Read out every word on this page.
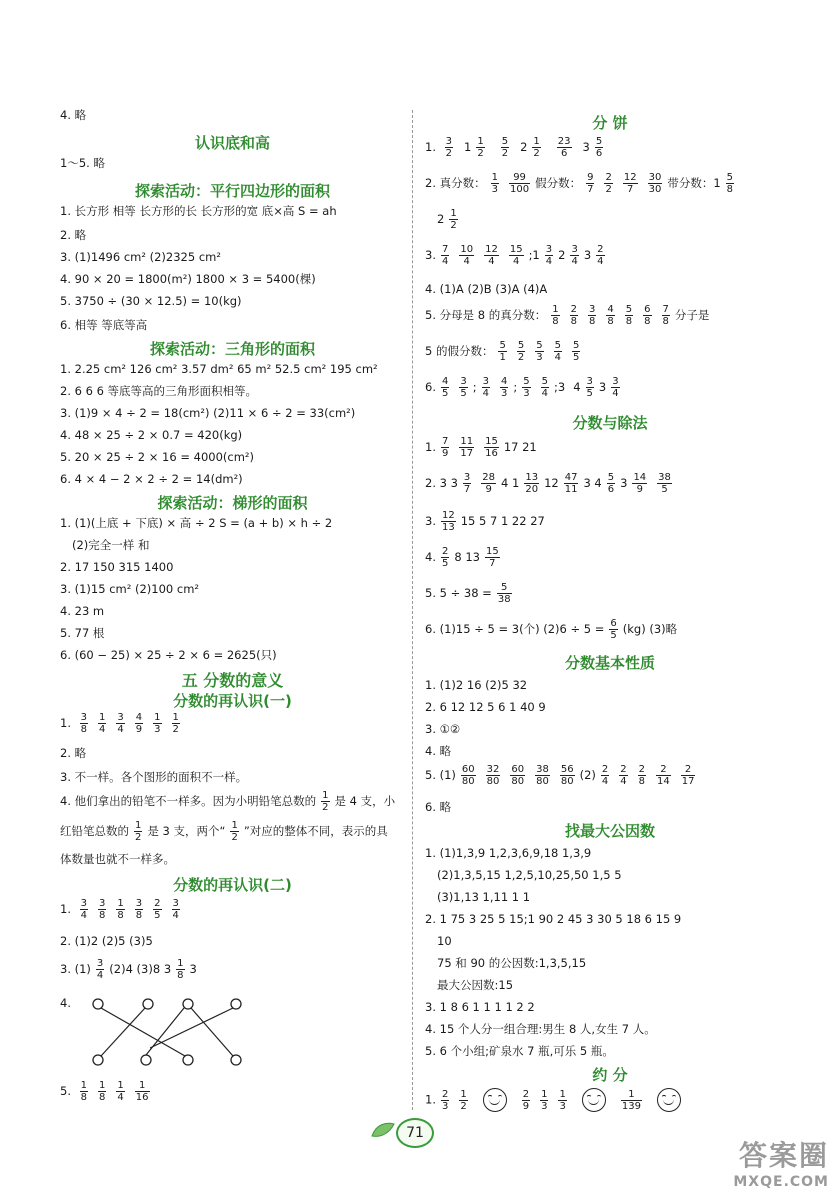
4. 略

认识底和高

1～5. 略

探索活动：平行四边形的面积

1. 长方形 相等 长方形的长 长方形的宽 底×高 S = ah

2. 略

3. (1)1496 cm² (2)2325 cm²

4. 90 × 20 = 1800(m²) 1800 × 3 = 5400(棵)

5. 3750 ÷ (30 × 12.5) = 10(kg)

6. 相等 等底等高

探索活动：三角形的面积

1. 2.25 cm² 126 cm² 3.57 dm² 65 m² 52.5 cm² 195 cm²

2. 6 6 6 等底等高的三角形面积相等。

3. (1)9 × 4 ÷ 2 = 18(cm²) (2)11 × 6 ÷ 2 = 33(cm²)

4. 48 × 25 ÷ 2 × 0.7 = 420(kg)

5. 20 × 25 ÷ 2 × 16 = 4000(cm²)

6. 4 × 4 − 2 × 2 ÷ 2 = 14(dm²)

探索活动：梯形的面积

1. (1)(上底 + 下底) × 高 ÷ 2 S = (a + b) × h ÷ 2

(2)完全一样 和

2. 17 150 315 1400

3. (1)15 cm² (2)100 cm²

4. 23 m

5. 77 根

6. (60 − 25) × 25 ÷ 2 × 6 = 2625(只)

五 分数的意义
分数的再认识(一)
1. $\frac{3}{8} \frac{1}{4} \frac{3}{4} \frac{4}{9} \frac{1}{3} \frac{1}{2}$

2. 略

3. 不一样。各个图形的面积不一样。

4. 他们拿出的铅笔不一样多。因为小明铅笔总数的 $\frac{1}{2}$ 是 4 支，小
红铅笔总数的 $\frac{1}{2}$ 是 3 支，两个“ $\frac{1}{2}$ ”对应的整体不同，表示的具

体数量也就不一样多。

分数的再认识(二)
1. $\frac{3}{4} \frac{3}{8} \frac{1}{8} \frac{3}{8} \frac{2}{5} \frac{3}{4}$

2. (1)2 (2)5 (3)5

3. $(1) \frac{3}{4} (2)4$ (3)8 $3 \frac{1}{8} 3$

4.

5. $\frac{1}{8} \frac{1}{8} \frac{1}{4} \frac{1}{16}$
分 饼
1. $\frac{3}{2} 1 \frac{1}{2} \frac{5}{2} 2 \frac{1}{2} \frac{23}{6} 3 \frac{5}{6}$
2. 真分数： $\frac{1}{3} \frac{99}{100}$ 假分数： $\frac{9}{7} \frac{2}{2} \frac{12}{7} \frac{30}{30}$ 带分数：$1 \frac{5}{8}$
$2 \frac{1}{2}$
3. $\frac{7}{4} \frac{10}{4} \frac{12}{4} \frac{15}{4}$ ;1 $\frac{3}{4} 2 \frac{3}{4} 3 \frac{2}{4}$

4. (1)A (2)B (3)A (4)A

5. 分母是 8 的真分数： $\frac{1}{8} \frac{2}{8} \frac{3}{8} \frac{4}{8} \frac{5}{8} \frac{6}{8} \frac{7}{8}$ 分子是
5 的假分数： $\frac{5}{1} \frac{5}{2} \frac{5}{3} \frac{5}{4} \frac{5}{5}$
6. $\frac{4}{5} \frac{3}{5}$ ; $\frac{3}{4} \frac{4}{3}$ ; $\frac{5}{3} \frac{5}{4}$ ;3 $4 \frac{3}{5} 3 \frac{3}{4}$
分数与除法
1. $\frac{7}{9} \frac{11}{17} \frac{15}{16} 17$ 21
2. 3 $3 \frac{3}{7} \frac{28}{9} 4$ $1 \frac{13}{20} 12 \frac{47}{11} 3$ $4 \frac{5}{6} 3 \frac{14}{9} \frac{38}{5}$
3. $\frac{12}{13} 15$ 5 7 1 22 27
4. $\frac{2}{5} 8$ $13 \frac{15}{7}$
5. $5 \div 38 = \frac{5}{38}$
6. (1)15 ÷ 5 = 3(个) $(2)6 \div 5 = \frac{6}{5} (kg)$ (3)略
分数基本性质

1. (1)2 16 (2)5 32

2. 6 12 12 5 6 1 40 9

3. ①②

4. 略

5. $(1) \frac{60}{80} \frac{32}{80} \frac{60}{80} \frac{38}{80} \frac{56}{80} (2) \frac{2}{4} \frac{2}{4} \frac{2}{8} \frac{2}{14} \frac{2}{17}$

6. 略

找最大公因数

1. (1)1,3,9 1,2,3,6,9,18 1,3,9

(2)1,3,5,15 1,2,5,10,25,50 1,5 5

(3)1,13 1,11 1 1

2. 1 75 3 25 5 15;1 90 2 45 3 30 5 18 6 15 9

10

75 和 90 的公因数:1,3,5,15

最大公因数:15

3. 1 8 6 1 1 1 1 2 2

4. 15 个人分一组合理:男生 8 人,女生 7 人。

5. 6 个小组;矿泉水 7 瓶,可乐 5 瓶。

约 分
1. $\frac{2}{3} \frac{1}{2}$	$\frac{2}{9} \frac{1}{3} \frac{1}{3}$	$\frac{1}{139}$
71
答案圈
MXQE.COM
